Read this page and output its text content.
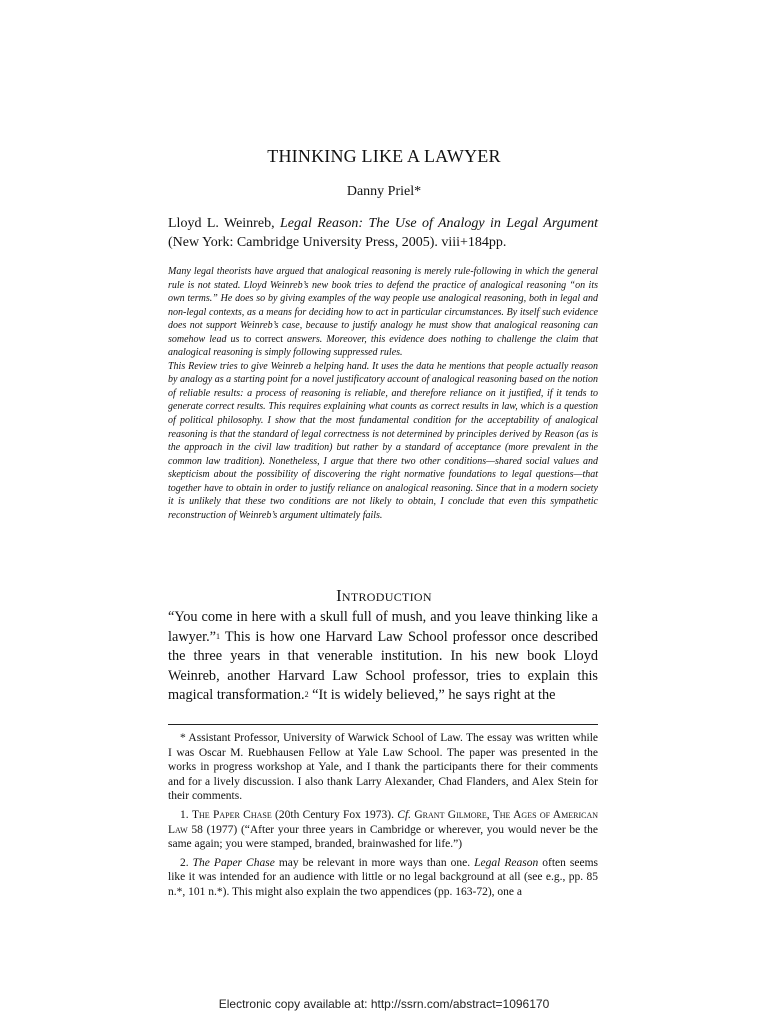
THINKING LIKE A LAWYER
Danny Priel*
Lloyd L. Weinreb, Legal Reason: The Use of Analogy in Legal Argument (New York: Cambridge University Press, 2005). viii+184pp.

Many legal theorists have argued that analogical reasoning is merely rule-following in which the general rule is not stated. Lloyd Weinreb’s new book tries to defend the practice of analogical reasoning “on its own terms.” He does so by giving examples of the way people use analogical reasoning, both in legal and non-legal contexts, as a means for deciding how to act in particular circumstances. By itself such evidence does not support Weinreb’s case, because to justify analogy he must show that analogical reasoning can somehow lead us to correct answers. Moreover, this evidence does nothing to challenge the claim that analogical reasoning is simply following suppressed rules.

This Review tries to give Weinreb a helping hand. It uses the data he mentions that people actually reason by analogy as a starting point for a novel justificatory account of analogical reasoning based on the notion of reliable results: a process of reasoning is reliable, and therefore reliance on it justified, if it tends to generate correct results. This requires explaining what counts as correct results in law, which is a question of political philosophy. I show that the most fundamental condition for the acceptability of analogical reasoning is that the standard of legal correctness is not determined by principles derived by Reason (as is the approach in the civil law tradition) but rather by a standard of acceptance (more prevalent in the common law tradition). Nonetheless, I argue that there two other conditions—shared social values and skepticism about the possibility of discovering the right normative foundations to legal questions—that together have to obtain in order to justify reliance on analogical reasoning. Since that in a modern society it is unlikely that these two conditions are not likely to obtain, I conclude that even this sympathetic reconstruction of Weinreb’s argument ultimately fails.

Introduction
“You come in here with a skull full of mush, and you leave thinking like a lawyer.”$^1$ This is how one Harvard Law School professor once described the three years in that venerable institution. In his new book Lloyd Weinreb, another Harvard Law School professor, tries to explain this magical transformation.$^2$ “It is widely believed,” he says right at the

* Assistant Professor, University of Warwick School of Law. The essay was written while I was Oscar M. Ruebhausen Fellow at Yale Law School. The paper was presented in the works in progress workshop at Yale, and I thank the participants there for their comments and for a lively discussion. I also thank Larry Alexander, Chad Flanders, and Alex Stein for their comments.

1. The Paper Chase (20th Century Fox 1973). Cf. Grant Gilmore, The Ages of American Law 58 (1977) (“After your three years in Cambridge or wherever, you would never be the same again; you were stamped, branded, brainwashed for life.”)

2. The Paper Chase may be relevant in more ways than one. Legal Reason often seems like it was intended for an audience with little or no legal background at all (see e.g., pp. 85 n.*, 101 n.*). This might also explain the two appendices (pp. 163-72), one a

Electronic copy available at: http://ssrn.com/abstract=1096170
